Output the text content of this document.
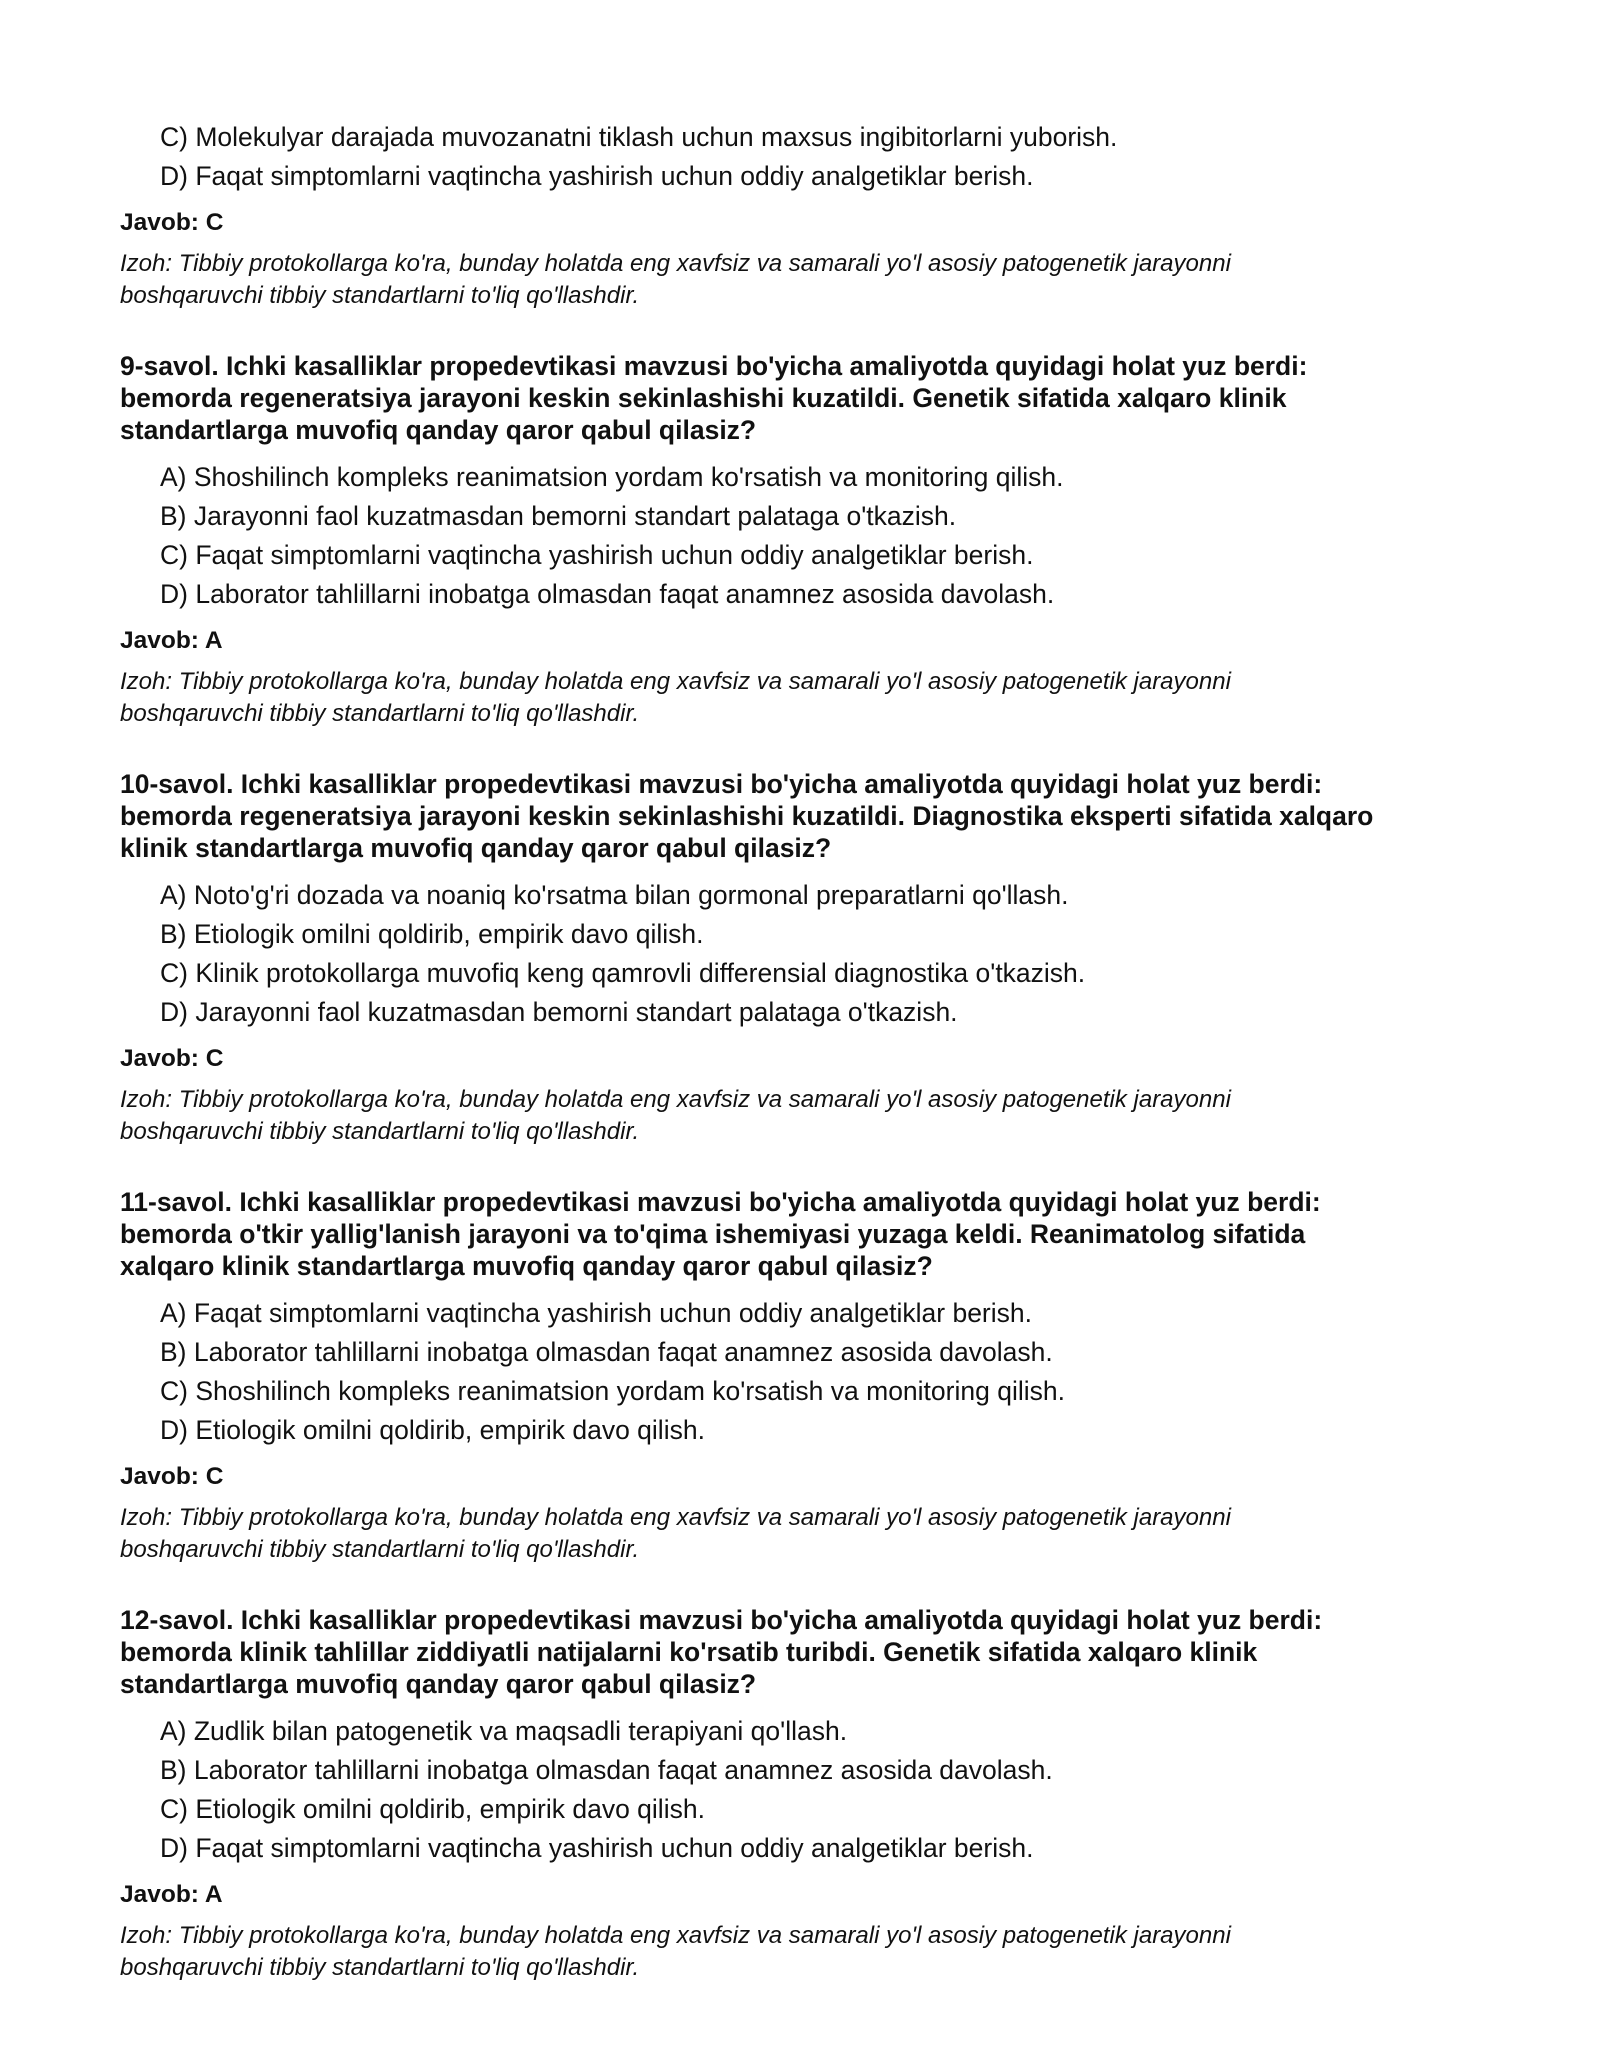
C) Molekulyar darajada muvozanatni tiklash uchun maxsus ingibitorlarni yuborish.
D) Faqat simptomlarni vaqtincha yashirish uchun oddiy analgetiklar berish.
Javob: C
Izoh: Tibbiy protokollarga ko'ra, bunday holatda eng xavfsiz va samarali yo'l asosiy patogenetik jarayonni
boshqaruvchi tibbiy standartlarni to'liq qo'llashdir.
9-savol. Ichki kasalliklar propedevtikasi mavzusi bo'yicha amaliyotda quyidagi holat yuz berdi:
bemorda regeneratsiya jarayoni keskin sekinlashishi kuzatildi. Genetik sifatida xalqaro klinik
standartlarga muvofiq qanday qaror qabul qilasiz?
A) Shoshilinch kompleks reanimatsion yordam ko'rsatish va monitoring qilish.
B) Jarayonni faol kuzatmasdan bemorni standart palataga o'tkazish.
C) Faqat simptomlarni vaqtincha yashirish uchun oddiy analgetiklar berish.
D) Laborator tahlillarni inobatga olmasdan faqat anamnez asosida davolash.
Javob: A
Izoh: Tibbiy protokollarga ko'ra, bunday holatda eng xavfsiz va samarali yo'l asosiy patogenetik jarayonni
boshqaruvchi tibbiy standartlarni to'liq qo'llashdir.
10-savol. Ichki kasalliklar propedevtikasi mavzusi bo'yicha amaliyotda quyidagi holat yuz berdi:
bemorda regeneratsiya jarayoni keskin sekinlashishi kuzatildi. Diagnostika eksperti sifatida xalqaro
klinik standartlarga muvofiq qanday qaror qabul qilasiz?
A) Noto'g'ri dozada va noaniq ko'rsatma bilan gormonal preparatlarni qo'llash.
B) Etiologik omilni qoldirib, empirik davo qilish.
C) Klinik protokollarga muvofiq keng qamrovli differensial diagnostika o'tkazish.
D) Jarayonni faol kuzatmasdan bemorni standart palataga o'tkazish.
Javob: C
Izoh: Tibbiy protokollarga ko'ra, bunday holatda eng xavfsiz va samarali yo'l asosiy patogenetik jarayonni
boshqaruvchi tibbiy standartlarni to'liq qo'llashdir.
11-savol. Ichki kasalliklar propedevtikasi mavzusi bo'yicha amaliyotda quyidagi holat yuz berdi:
bemorda o'tkir yallig'lanish jarayoni va to'qima ishemiyasi yuzaga keldi. Reanimatolog sifatida
xalqaro klinik standartlarga muvofiq qanday qaror qabul qilasiz?
A) Faqat simptomlarni vaqtincha yashirish uchun oddiy analgetiklar berish.
B) Laborator tahlillarni inobatga olmasdan faqat anamnez asosida davolash.
C) Shoshilinch kompleks reanimatsion yordam ko'rsatish va monitoring qilish.
D) Etiologik omilni qoldirib, empirik davo qilish.
Javob: C
Izoh: Tibbiy protokollarga ko'ra, bunday holatda eng xavfsiz va samarali yo'l asosiy patogenetik jarayonni
boshqaruvchi tibbiy standartlarni to'liq qo'llashdir.
12-savol. Ichki kasalliklar propedevtikasi mavzusi bo'yicha amaliyotda quyidagi holat yuz berdi:
bemorda klinik tahlillar ziddiyatli natijalarni ko'rsatib turibdi. Genetik sifatida xalqaro klinik
standartlarga muvofiq qanday qaror qabul qilasiz?
A) Zudlik bilan patogenetik va maqsadli terapiyani qo'llash.
B) Laborator tahlillarni inobatga olmasdan faqat anamnez asosida davolash.
C) Etiologik omilni qoldirib, empirik davo qilish.
D) Faqat simptomlarni vaqtincha yashirish uchun oddiy analgetiklar berish.
Javob: A
Izoh: Tibbiy protokollarga ko'ra, bunday holatda eng xavfsiz va samarali yo'l asosiy patogenetik jarayonni
boshqaruvchi tibbiy standartlarni to'liq qo'llashdir.
